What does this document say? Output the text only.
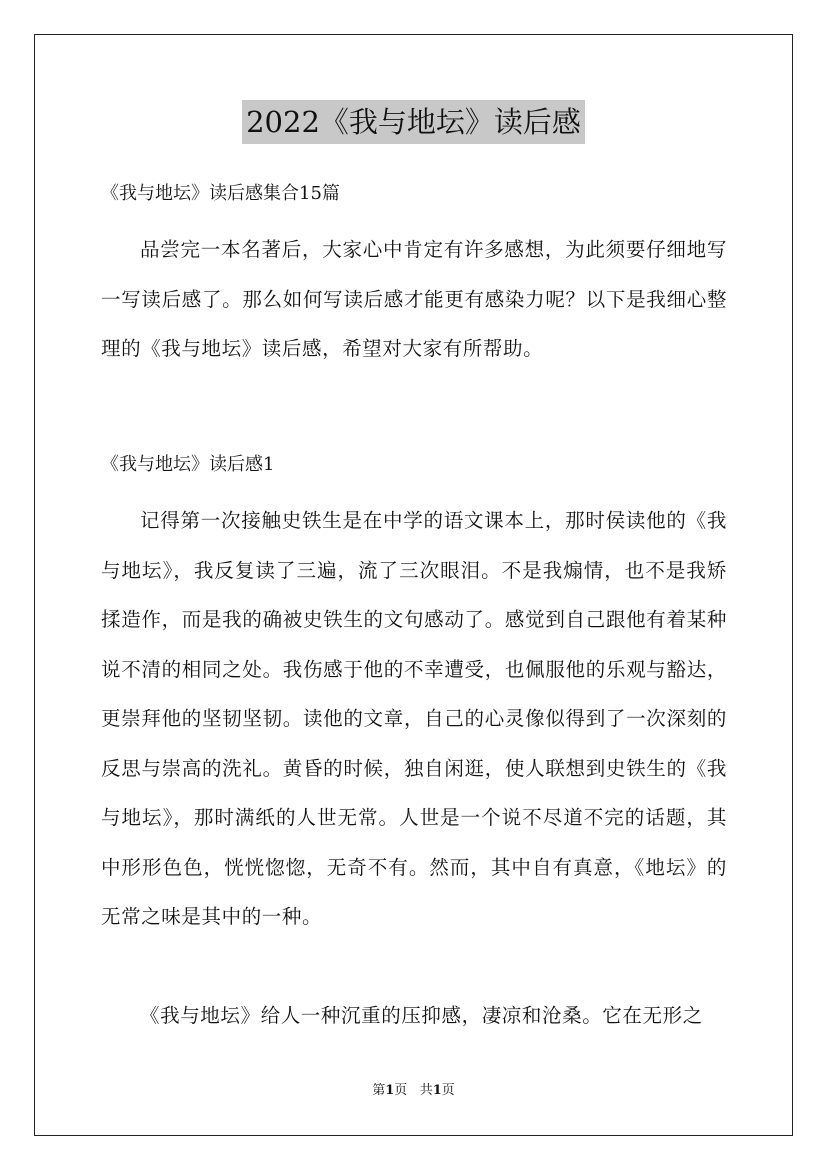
2022《我与地坛》读后感
《我与地坛》读后感集合15篇

品尝完一本名著后，大家心中肯定有许多感想，为此须要仔细地写一写读后感了。那么如何写读后感才能更有感染力呢？以下是我细心整理的《我与地坛》读后感，希望对大家有所帮助。

《我与地坛》读后感1

记得第一次接触史铁生是在中学的语文课本上，那时侯读他的《我与地坛》，我反复读了三遍，流了三次眼泪。不是我煽情，也不是我矫揉造作，而是我的确被史铁生的文句感动了。感觉到自己跟他有着某种说不清的相同之处。我伤感于他的不幸遭受，也佩服他的乐观与豁达，更崇拜他的坚韧坚韧。读他的文章，自己的心灵像似得到了一次深刻的反思与崇高的洗礼。黄昏的时候，独自闲逛，使人联想到史铁生的《我与地坛》，那时满纸的人世无常。人世是一个说不尽道不完的话题，其中形形色色，恍恍惚惚，无奇不有。然而，其中自有真意，《地坛》的无常之味是其中的一种。

《我与地坛》给人一种沉重的压抑感，凄凉和沧桑。它在无形之

第1页 共1页
